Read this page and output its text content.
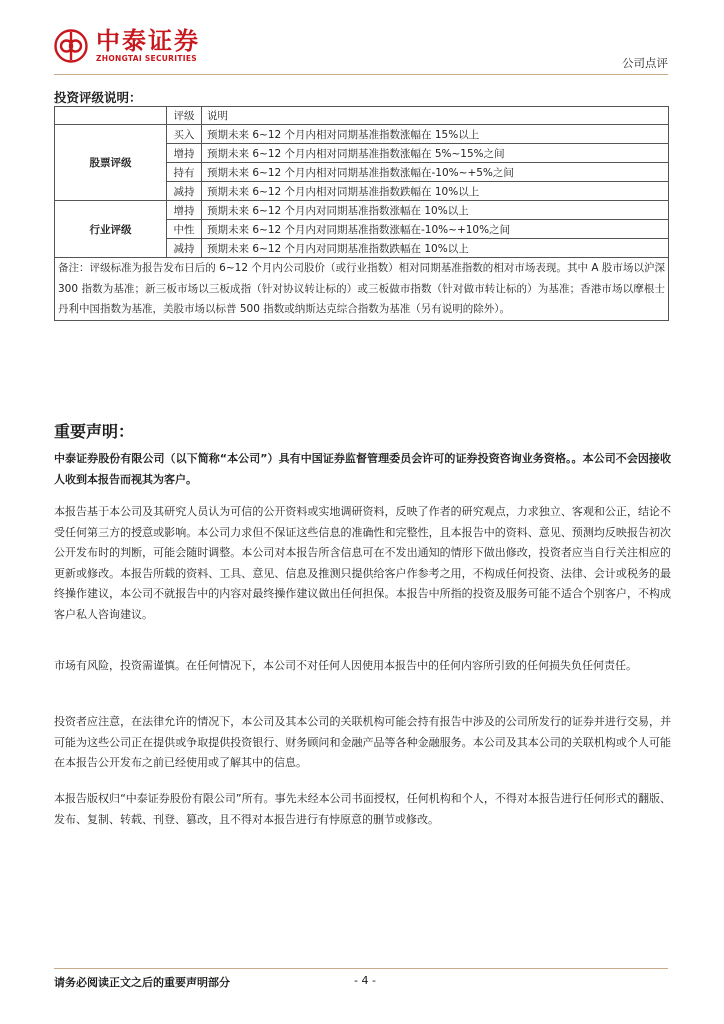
中泰证券
ZHONGTAI SECURITIES	公司点评
投资评级说明：
	评级	说明
股票评级	买入	预期未来 6~12 个月内相对同期基准指数涨幅在 15%以上
	增持	预期未来 6~12 个月内相对同期基准指数涨幅在 5%~15%之间
	持有	预期未来 6~12 个月内相对同期基准指数涨幅在-10%~+5%之间
	减持	预期未来 6~12 个月内相对同期基准指数跌幅在 10%以上
行业评级	增持	预期未来 6~12 个月内对同期基准指数涨幅在 10%以上
	中性	预期未来 6~12 个月内对同期基准指数涨幅在-10%~+10%之间
	减持	预期未来 6~12 个月内对同期基准指数跌幅在 10%以上
备注：评级标准为报告发布日后的 6~12 个月内公司股价（或行业指数）相对同期基准指数的相对市场表现。其中 A 股市场以沪深 300 指数为基准；新三板市场以三板成指（针对协议转让标的）或三板做市指数（针对做市转让标的）为基准；香港市场以摩根士丹利中国指数为基准，美股市场以标普 500 指数或纳斯达克综合指数为基准（另有说明的除外）。		
重要声明：
中泰证券股份有限公司（以下简称“本公司”）具有中国证券监督管理委员会许可的证券投资咨询业务资格。。本公司不会因接收人收到本报告而视其为客户。
本报告基于本公司及其研究人员认为可信的公开资料或实地调研资料，反映了作者的研究观点，力求独立、客观和公正，结论不受任何第三方的授意或影响。本公司力求但不保证这些信息的准确性和完整性，且本报告中的资料、意见、预测均反映报告初次公开发布时的判断，可能会随时调整。本公司对本报告所含信息可在不发出通知的情形下做出修改，投资者应当自行关注相应的更新或修改。本报告所载的资料、工具、意见、信息及推测只提供给客户作参考之用，不构成任何投资、法律、会计或税务的最终操作建议，本公司不就报告中的内容对最终操作建议做出任何担保。本报告中所指的投资及服务可能不适合个别客户，不构成客户私人咨询建议。
市场有风险，投资需谨慎。在任何情况下，本公司不对任何人因使用本报告中的任何内容所引致的任何损失负任何责任。
投资者应注意，在法律允许的情况下，本公司及其本公司的关联机构可能会持有报告中涉及的公司所发行的证券并进行交易，并可能为这些公司正在提供或争取提供投资银行、财务顾问和金融产品等各种金融服务。本公司及其本公司的关联机构或个人可能在本报告公开发布之前已经使用或了解其中的信息。
本报告版权归“中泰证券股份有限公司”所有。事先未经本公司书面授权，任何机构和个人，不得对本报告进行任何形式的翻版、发布、复制、转载、刊登、篡改，且不得对本报告进行有悖原意的删节或修改。
请务必阅读正文之后的重要声明部分	- 4 -
